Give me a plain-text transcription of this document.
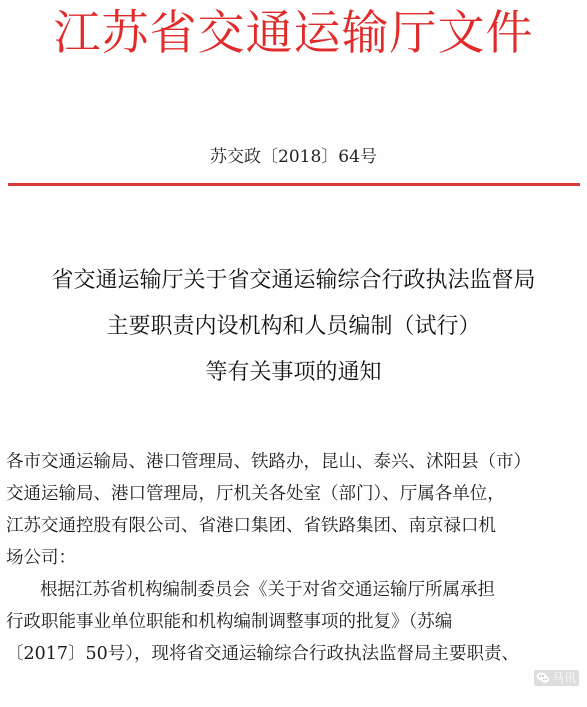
江苏省交通运输厅文件
苏交政〔2018〕64号
省交通运输厅关于省交通运输综合行政执法监督局
主要职责内设机构和人员编制（试行）
等有关事项的通知
各市交通运输局、港口管理局、铁路办，昆山、泰兴、沭阳县（市）
交通运输局、港口管理局，厅机关各处室（部门）、厅属各单位，
江苏交通控股有限公司、省港口集团、省铁路集团、南京禄口机
场公司：
根据江苏省机构编制委员会《关于对省交通运输厅所属承担
行政职能事业单位职能和机构编制调整事项的批复》（苏编
〔2017〕50号），现将省交通运输综合行政执法监督局主要职责、
马讯
